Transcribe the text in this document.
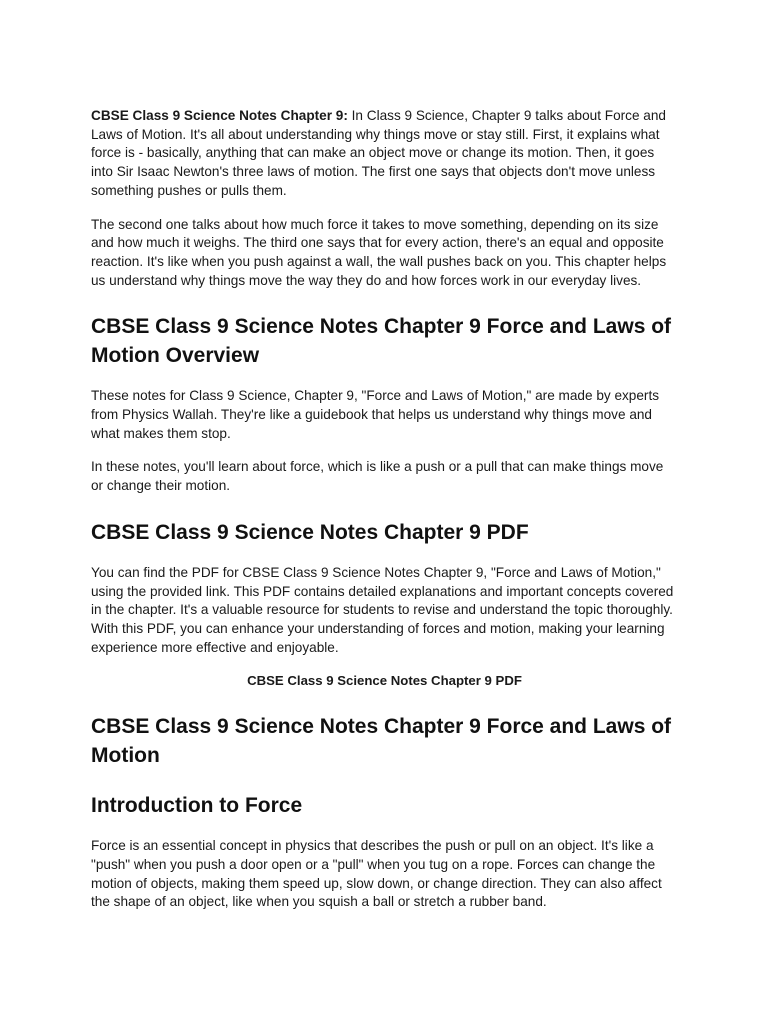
CBSE Class 9 Science Notes Chapter 9: In Class 9 Science, Chapter 9 talks about Force and Laws of Motion. It's all about understanding why things move or stay still. First, it explains what force is - basically, anything that can make an object move or change its motion. Then, it goes into Sir Isaac Newton's three laws of motion. The first one says that objects don't move unless something pushes or pulls them.

The second one talks about how much force it takes to move something, depending on its size and how much it weighs. The third one says that for every action, there's an equal and opposite reaction. It's like when you push against a wall, the wall pushes back on you. This chapter helps us understand why things move the way they do and how forces work in our everyday lives.

CBSE Class 9 Science Notes Chapter 9 Force and Laws of Motion Overview

These notes for Class 9 Science, Chapter 9, "Force and Laws of Motion," are made by experts from Physics Wallah. They're like a guidebook that helps us understand why things move and what makes them stop.

In these notes, you'll learn about force, which is like a push or a pull that can make things move or change their motion.

CBSE Class 9 Science Notes Chapter 9 PDF

You can find the PDF for CBSE Class 9 Science Notes Chapter 9, "Force and Laws of Motion," using the provided link. This PDF contains detailed explanations and important concepts covered in the chapter. It's a valuable resource for students to revise and understand the topic thoroughly. With this PDF, you can enhance your understanding of forces and motion, making your learning experience more effective and enjoyable.

CBSE Class 9 Science Notes Chapter 9 PDF

CBSE Class 9 Science Notes Chapter 9 Force and Laws of Motion
Introduction to Force

Force is an essential concept in physics that describes the push or pull on an object. It's like a "push" when you push a door open or a "pull" when you tug on a rope. Forces can change the motion of objects, making them speed up, slow down, or change direction. They can also affect the shape of an object, like when you squish a ball or stretch a rubber band.
